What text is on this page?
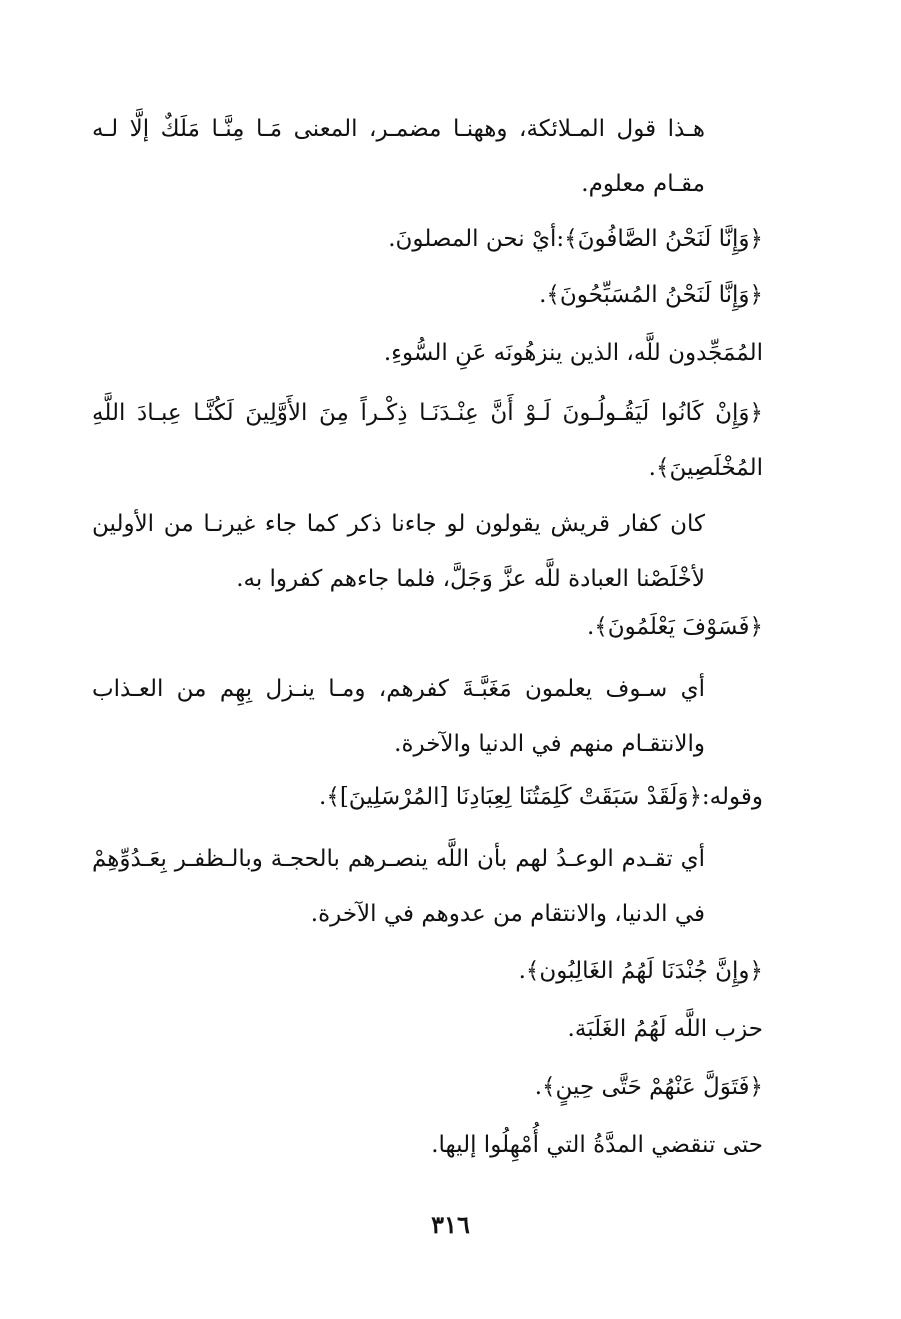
هـذا قول المـلائكة، وههنـا مضمـر، المعنى مَـا مِنَّـا مَلَكٌ إلَّا لـه مقـام معلوم.

﴿وَإِنَّا لَنَحْنُ الصَّافُونَ﴾:أيْ نحن المصلونَ.

﴿وَإِنَّا لَنَحْنُ المُسَبِّحُونَ﴾.

المُمَجِّدون للَّه، الذين ينزهُونَه عَنِ السُّوءِ.

﴿وَإِنْ كَانُوا لَيَقُـولُـونَ لَـوْ أَنَّ عِنْـدَنَـا ذِكْـراً مِنَ الأَوَّلِينَ لَكُنَّـا عِبـادَ اللَّهِ المُخْلَصِينَ﴾.

كان كفار قريش يقولون لو جاءنا ذكر كما جاء غيرنـا من الأولين لأخْلَصْنا العبادة للَّه عزَّ وَجَلَّ، فلما جاءهم كفروا به.

﴿فَسَوْفَ يَعْلَمُونَ﴾.

أي سـوف يعلمون مَغَبَّـةَ كفرهم، ومـا ينـزل بِهِم من العـذاب والانتقـام منهم في الدنيا والآخرة.

وقوله:﴿وَلَقَدْ سَبَقَتْ كَلِمَتُنَا لِعِبَادِنَا [المُرْسَلِينَ]﴾.

أي تقـدم الوعـدُ لهم بأن اللَّه ينصـرهم بالحجـة وبالـظفـر بِعَـدُوِّهِمْ في الدنيا، والانتقام من عدوهم في الآخرة.

﴿وإِنَّ جُنْدَنَا لَهُمُ الغَالِبُون﴾.

حزب اللَّه لَهُمُ الغَلَبَة.

﴿فَتَوَلَّ عَنْهُمْ حَتَّى حِينٍ﴾.

حتى تنقضي المدَّةُ التي أُمْهِلُوا إليها.

٣١٦
